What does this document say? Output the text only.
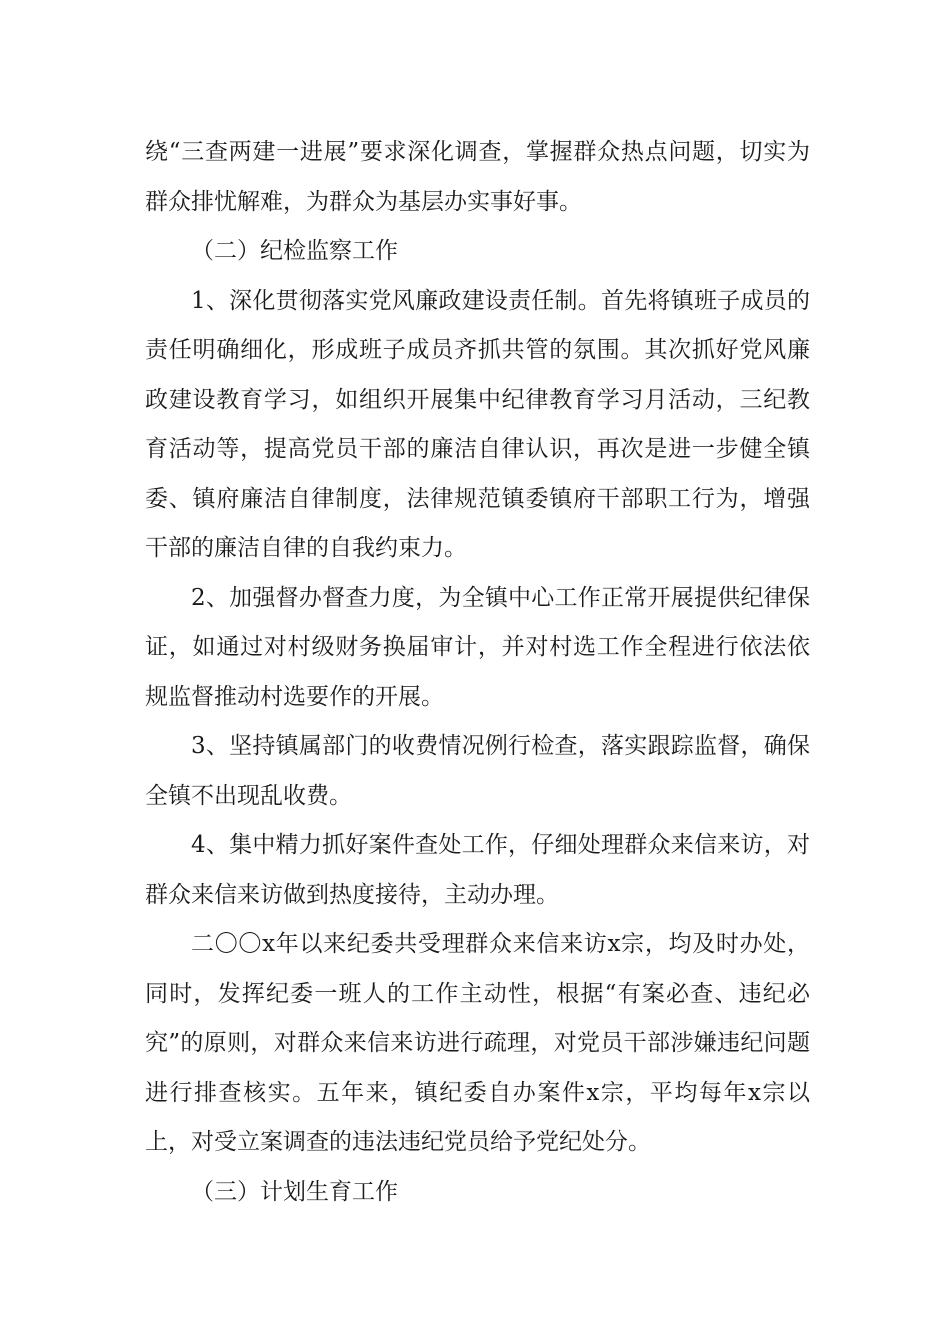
绕“三查两建一进展”要求深化调查，掌握群众热点问题，切实为群众排忧解难，为群众为基层办实事好事。

（二）纪检监察工作

1、深化贯彻落实党风廉政建设责任制。首先将镇班子成员的责任明确细化，形成班子成员齐抓共管的氛围。其次抓好党风廉政建设教育学习，如组织开展集中纪律教育学习月活动，三纪教育活动等，提高党员干部的廉洁自律认识，再次是进一步健全镇委、镇府廉洁自律制度，法律规范镇委镇府干部职工行为，增强干部的廉洁自律的自我约束力。

2、加强督办督查力度，为全镇中心工作正常开展提供纪律保证，如通过对村级财务换届审计，并对村选工作全程进行依法依规监督推动村选要作的开展。

3、坚持镇属部门的收费情况例行检查，落实跟踪监督，确保全镇不出现乱收费。

4、集中精力抓好案件查处工作，仔细处理群众来信来访，对群众来信来访做到热度接待，主动办理。

二〇〇x年以来纪委共受理群众来信来访x宗，均及时办处，同时，发挥纪委一班人的工作主动性，根据“有案必查、违纪必究”的原则，对群众来信来访进行疏理，对党员干部涉嫌违纪问题进行排查核实。五年来，镇纪委自办案件x宗，平均每年x宗以上，对受立案调查的违法违纪党员给予党纪处分。

（三）计划生育工作
